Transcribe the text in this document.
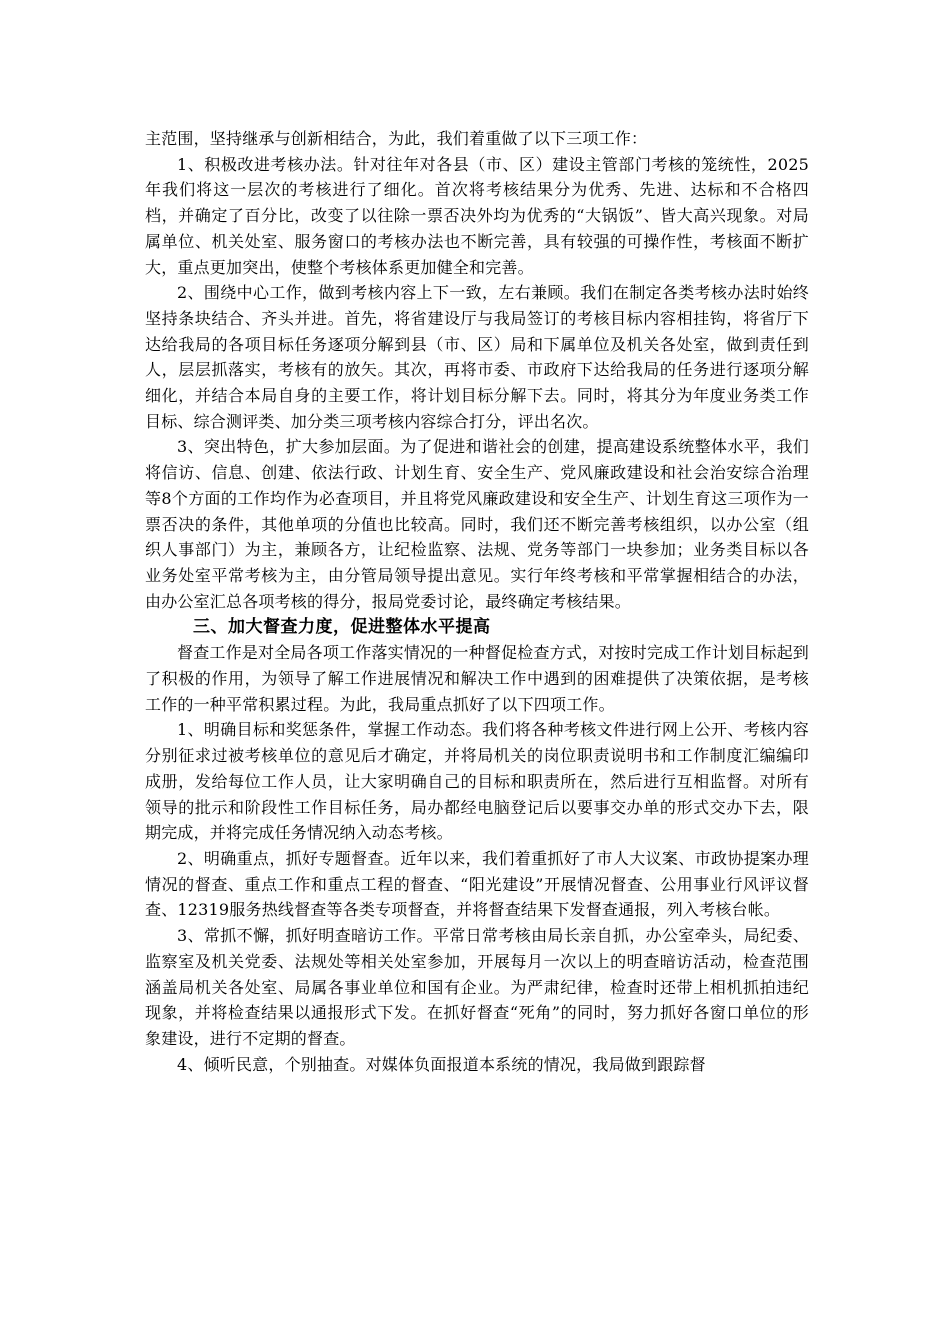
主范围，坚持继承与创新相结合，为此，我们着重做了以下三项工作：

1、积极改进考核办法。针对往年对各县（市、区）建设主管部门考核的笼统性，2025年我们将这一层次的考核进行了细化。首次将考核结果分为优秀、先进、达标和不合格四档，并确定了百分比，改变了以往除一票否决外均为优秀的“大锅饭”、皆大高兴现象。对局属单位、机关处室、服务窗口的考核办法也不断完善，具有较强的可操作性，考核面不断扩大，重点更加突出，使整个考核体系更加健全和完善。

2、围绕中心工作，做到考核内容上下一致，左右兼顾。我们在制定各类考核办法时始终坚持条块结合、齐头并进。首先，将省建设厅与我局签订的考核目标内容相挂钩，将省厅下达给我局的各项目标任务逐项分解到县（市、区）局和下属单位及机关各处室，做到责任到人，层层抓落实，考核有的放矢。其次，再将市委、市政府下达给我局的任务进行逐项分解细化，并结合本局自身的主要工作，将计划目标分解下去。同时，将其分为年度业务类工作目标、综合测评类、加分类三项考核内容综合打分，评出名次。

3、突出特色，扩大参加层面。为了促进和谐社会的创建，提高建设系统整体水平，我们将信访、信息、创建、依法行政、计划生育、安全生产、党风廉政建设和社会治安综合治理等8个方面的工作均作为必查项目，并且将党风廉政建设和安全生产、计划生育这三项作为一票否决的条件，其他单项的分值也比较高。同时，我们还不断完善考核组织，以办公室（组织人事部门）为主，兼顾各方，让纪检监察、法规、党务等部门一块参加；业务类目标以各业务处室平常考核为主，由分管局领导提出意见。实行年终考核和平常掌握相结合的办法，由办公室汇总各项考核的得分，报局党委讨论，最终确定考核结果。

三、加大督查力度，促进整体水平提高

督查工作是对全局各项工作落实情况的一种督促检查方式，对按时完成工作计划目标起到了积极的作用，为领导了解工作进展情况和解决工作中遇到的困难提供了决策依据，是考核工作的一种平常积累过程。为此，我局重点抓好了以下四项工作。

1、明确目标和奖惩条件，掌握工作动态。我们将各种考核文件进行网上公开、考核内容分别征求过被考核单位的意见后才确定，并将局机关的岗位职责说明书和工作制度汇编编印成册，发给每位工作人员，让大家明确自己的目标和职责所在，然后进行互相监督。对所有领导的批示和阶段性工作目标任务，局办都经电脑登记后以要事交办单的形式交办下去，限期完成，并将完成任务情况纳入动态考核。

2、明确重点，抓好专题督查。近年以来，我们着重抓好了市人大议案、市政协提案办理情况的督查、重点工作和重点工程的督查、“阳光建设”开展情况督查、公用事业行风评议督查、12319服务热线督查等各类专项督查，并将督查结果下发督查通报，列入考核台帐。

3、常抓不懈，抓好明查暗访工作。平常日常考核由局长亲自抓，办公室牵头，局纪委、监察室及机关党委、法规处等相关处室参加，开展每月一次以上的明查暗访活动，检查范围涵盖局机关各处室、局属各事业单位和国有企业。为严肃纪律，检查时还带上相机抓拍违纪现象，并将检查结果以通报形式下发。在抓好督查“死角”的同时，努力抓好各窗口单位的形象建设，进行不定期的督查。

4、倾听民意，个别抽查。对媒体负面报道本系统的情况，我局做到跟踪督
